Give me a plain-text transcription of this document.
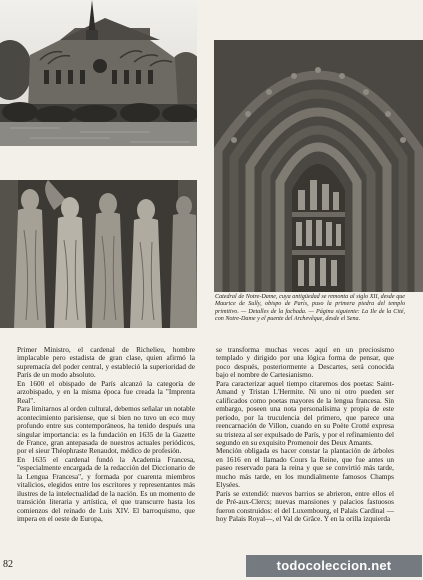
Catedral de Notre-Dame, cuya antigüedad se remonta al siglo XII, desde que Maurice de Sully, obispo de París, puso la primera piedra del templo primitivo. — Detalles de la fachada. — Página siguiente: La Ile de la Cité, con Notre-Dame y el puente del Archevêque, desde el Sena.

Primer Ministro, el cardenal de Richelieu, hombre implacable pero estadista de gran clase, quien afirmó la supremacía del poder central, y estableció la superioridad de París de un modo absoluto.

En 1600 el obispado de París alcanzó la categoría de arzobispado, y en la misma época fue creada la "Imprenta Real".

Para limitarnos al orden cultural, debemos señalar un notable acontecimiento parisiense, que si bien no tuvo un eco muy profundo entre sus contemporáneos, ha tenido después una singular importancia: es la fundación en 1635 de la Gazette de France, gran antepasada de nuestros actuales periódicos, por el sieur Théophraste Renaudot, médico de profesión.

En 1635 el cardenal fundó la Academia Francesa, "especialmente encargada de la redacción del Diccionario de la Lengua Francesa", y formada por cuarenta miembros vitalicios, elegidos entre los escritores y representantes más ilustres de la intelectualidad de la nación. Es un momento de transición literaria y artística, el que transcurre hasta los comienzos del reinado de Luis XIV. El barroquismo, que impera en el oeste de Europa,

se transforma muchas veces aquí en un preciosismo templado y dirigido por una lógica forma de pensar, que poco después, posteriormente a Descartes, será conocida bajo el nombre de Cartesianismo.

Para caracterizar aquel tiempo citaremos dos poetas: Saint-Amand y Tristan L'Hermite. Ni uno ni otro pueden ser calificados como poetas mayores de la lengua francesa. Sin embargo, poseen una nota personalísima y propia de este periodo, por la truculencia del primero, que parece una reencarnación de Villon, cuando en su Poète Crotté expresa su tristeza al ser expulsado de París, y por el refinamiento del segundo en su exquisito Promenoir des Deux Amants.

Mención obligada es hacer constar la plantación de árboles en 1616 en el llamado Cours la Reine, que fue antes un paseo reservado para la reina y que se convirtió más tarde, mucho más tarde, en los mundialmente famosos Champs Elysées.

París se extendió: nuevos barrios se abrieron, entre ellos el de Pré-aux-Clercs; nuevas mansiones y palacios fastuosos fueron construidos: el del Luxembourg, el Palais Cardinal —hoy Palais Royal—, el Val de Grâce. Y en la orilla izquierda

82	todocoleccion.net
